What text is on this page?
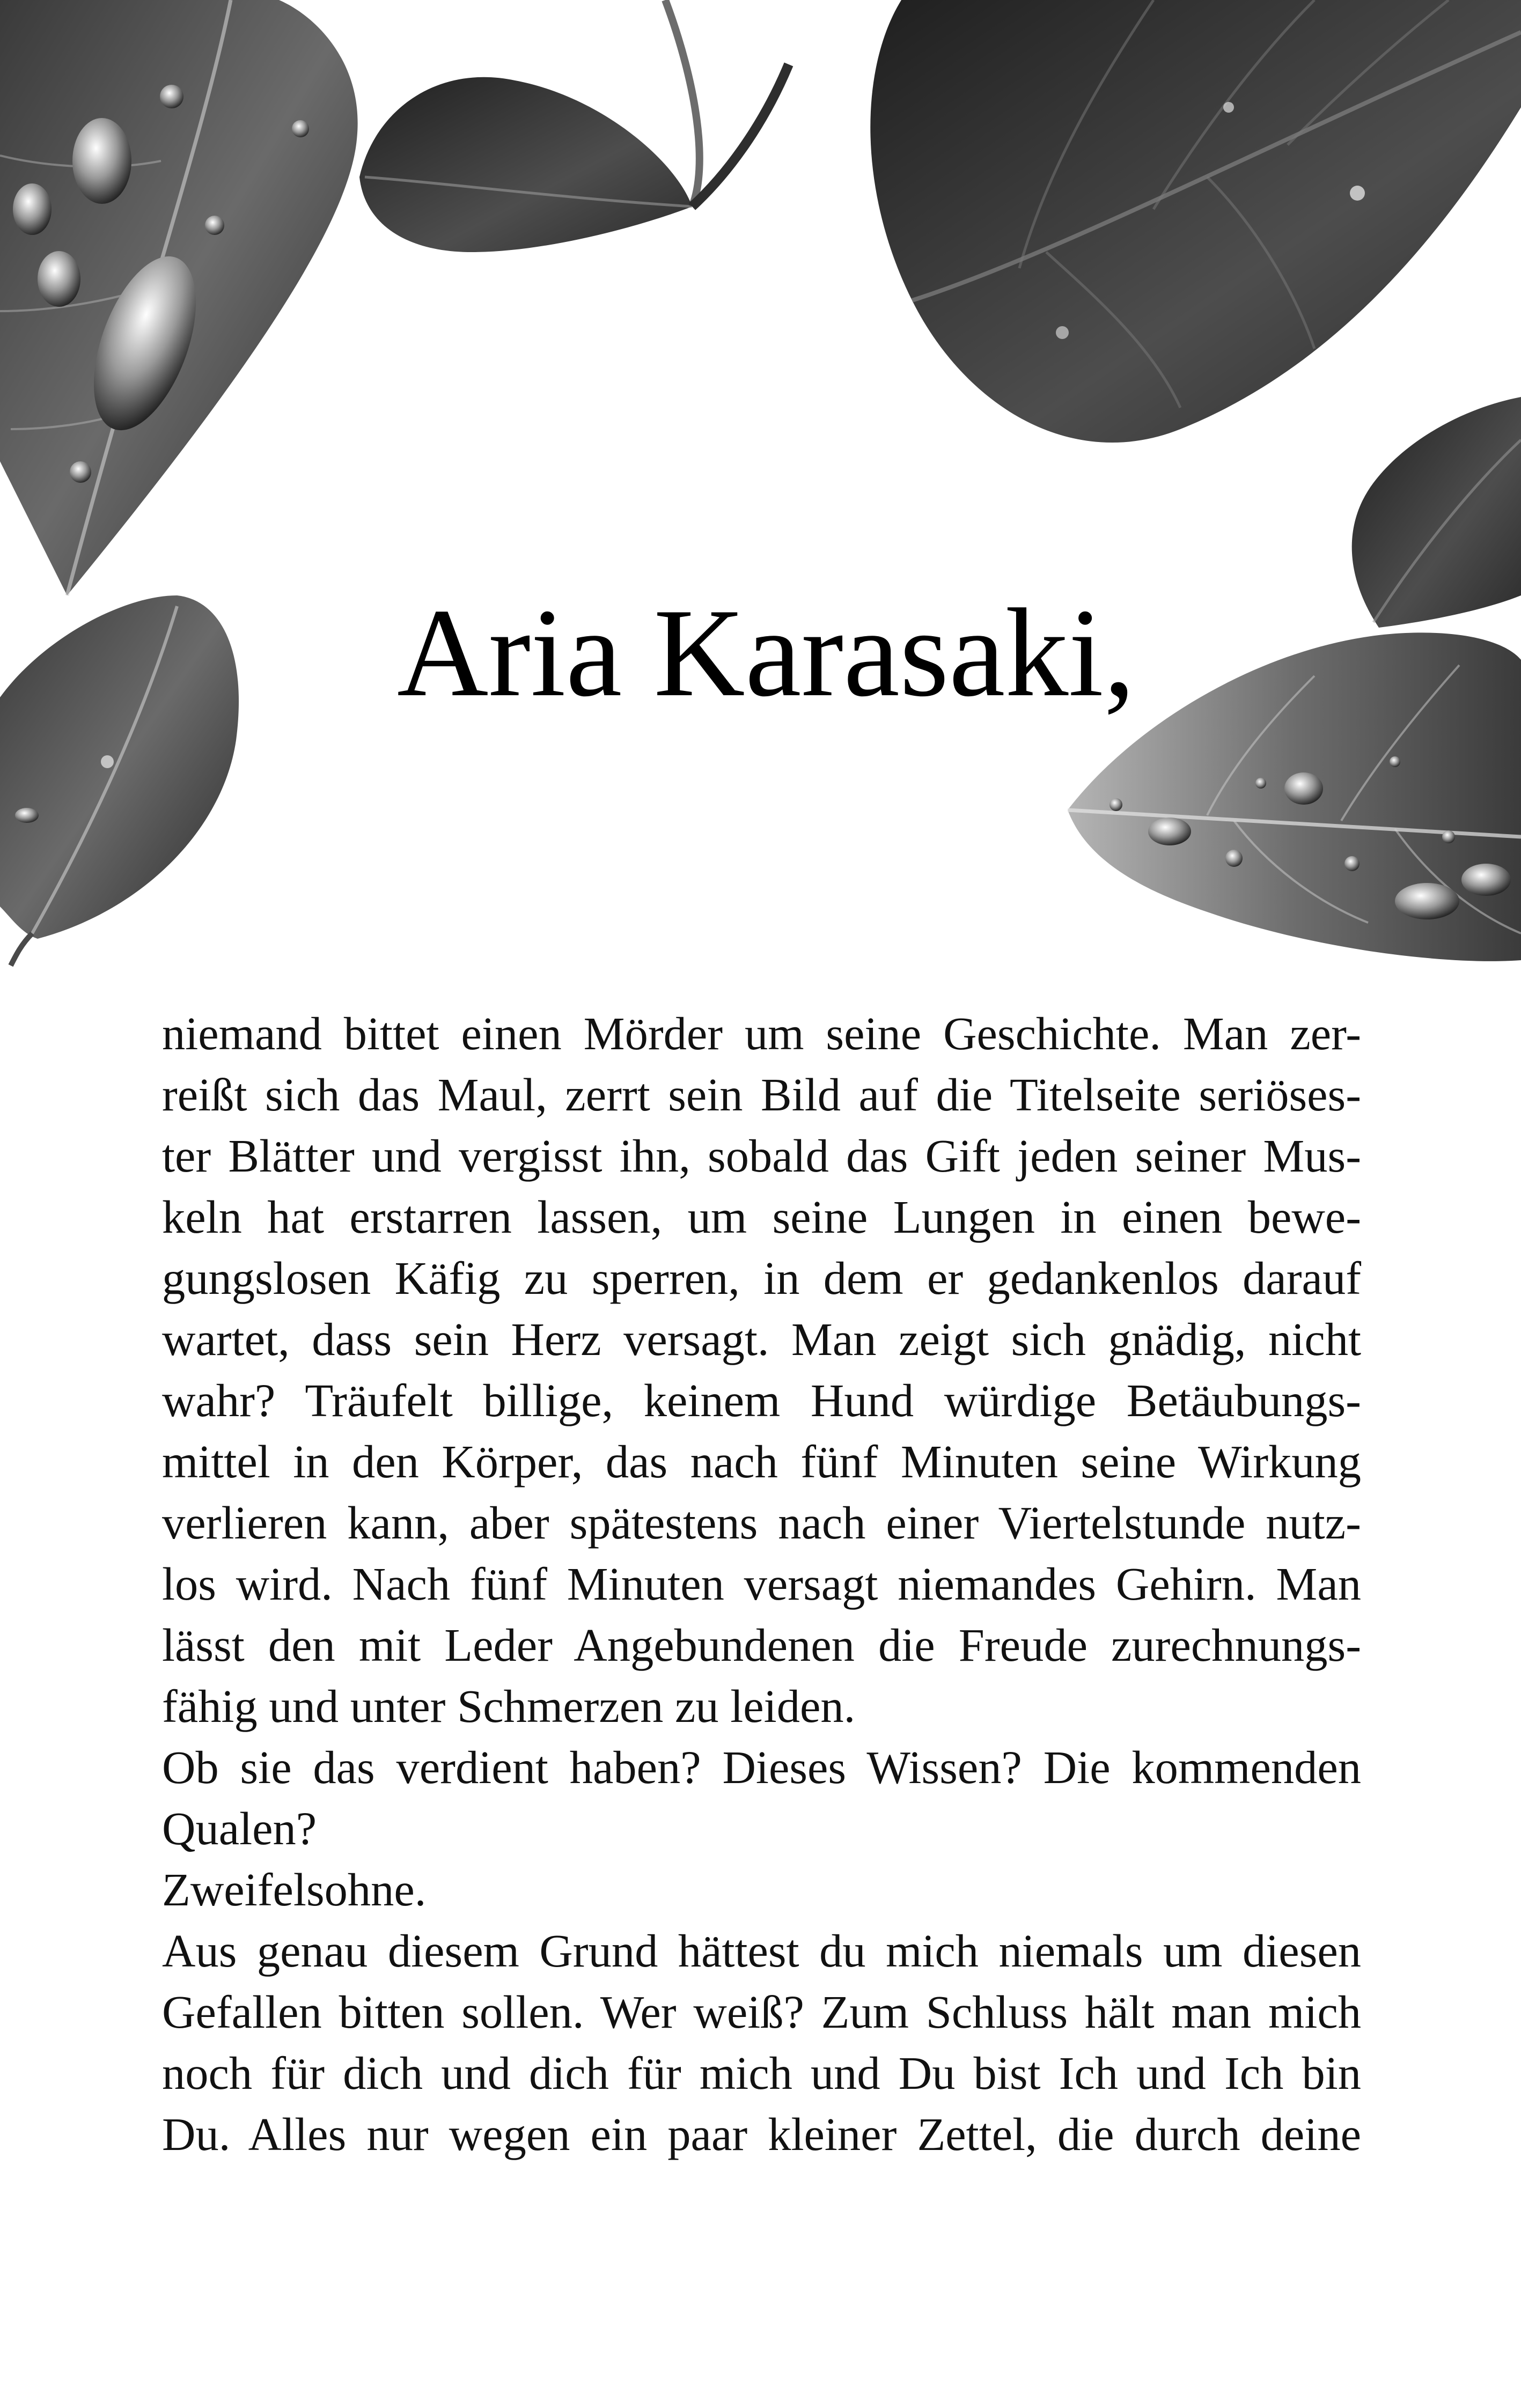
Aria Karasaki,
niemand bittet einen Mörder um seine Geschichte. Man zer-
reißt sich das Maul, zerrt sein Bild auf die Titelseite seriöses-
ter Blätter und vergisst ihn, sobald das Gift jeden seiner Mus-
keln hat erstarren lassen, um seine Lungen in einen bewe-
gungslosen Käfig zu sperren, in dem er gedankenlos darauf
wartet, dass sein Herz versagt. Man zeigt sich gnädig, nicht
wahr? Träufelt billige, keinem Hund würdige Betäubungs-
mittel in den Körper, das nach fünf Minuten seine Wirkung
verlieren kann, aber spätestens nach einer Viertelstunde nutz-
los wird. Nach fünf Minuten versagt niemandes Gehirn. Man
lässt den mit Leder Angebundenen die Freude zurechnungs-
fähig und unter Schmerzen zu leiden.
Ob sie das verdient haben? Dieses Wissen? Die kommenden
Qualen?
Zweifelsohne.
Aus genau diesem Grund hättest du mich niemals um diesen
Gefallen bitten sollen. Wer weiß? Zum Schluss hält man mich
noch für dich und dich für mich und Du bist Ich und Ich bin
Du. Alles nur wegen ein paar kleiner Zettel, die durch deine
